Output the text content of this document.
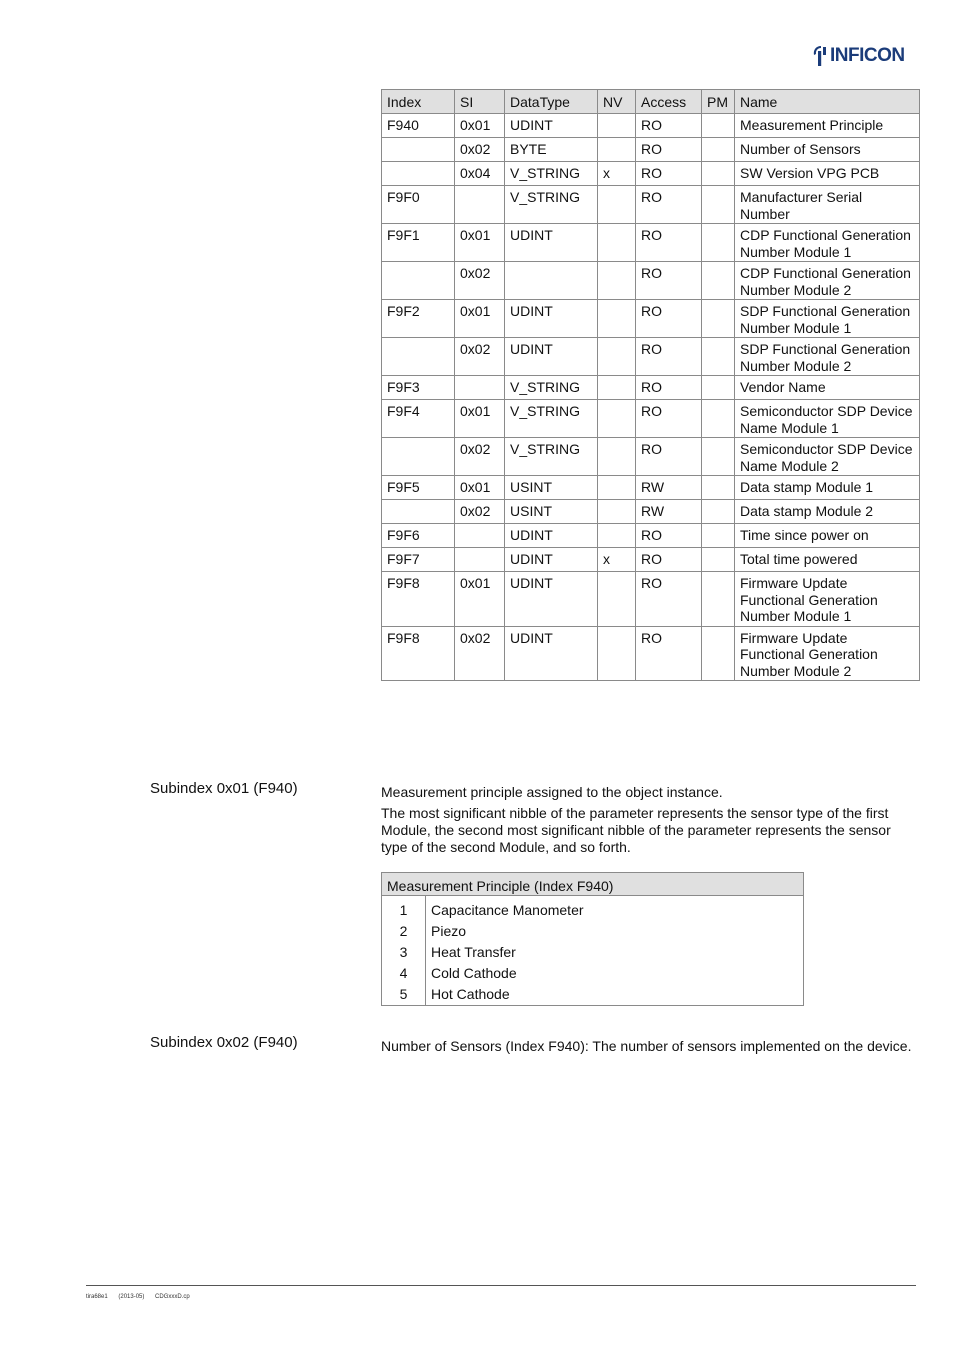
INFICON
Index	SI	DataType	NV	Access	PM	Name
F940	0x01	UDINT		RO		Measurement Principle
	0x02	BYTE		RO		Number of Sensors
	0x04	V_STRING	x	RO		SW Version VPG PCB
F9F0		V_STRING		RO		Manufacturer Serial Number
F9F1	0x01	UDINT		RO		CDP Functional Generation Number Module 1
	0x02			RO		CDP Functional Generation Number Module 2
F9F2	0x01	UDINT		RO		SDP Functional Generation Number Module 1
	0x02	UDINT		RO		SDP Functional Generation Number Module 2
F9F3		V_STRING		RO		Vendor Name
F9F4	0x01	V_STRING		RO		Semiconductor SDP Device Name Module 1
	0x02	V_STRING		RO		Semiconductor SDP Device Name Module 2
F9F5	0x01	USINT		RW		Data stamp Module 1
	0x02	USINT		RW		Data stamp Module 2
F9F6		UDINT		RO		Time since power on
F9F7		UDINT	x	RO		Total time powered
F9F8	0x01	UDINT		RO		Firmware Update Functional Generation Number Module 1
F9F8	0x02	UDINT		RO		Firmware Update Functional Generation Number Module 2
Subindex 0x01 (F940)	Measurement principle assigned to the object instance.

The most significant nibble of the parameter represents the sensor type of the first Module, the second most significant nibble of the parameter represents the sensor type of the second Module, and so forth.

Measurement Principle (Index F940)	
1	Capacitance Manometer
2	Piezo
3	Heat Transfer
4	Cold Cathode
5	Hot Cathode
Subindex 0x02 (F940)	Number of Sensors (Index F940): The number of sensors implemented on the device.

tira68e1 (2013-05) CDGxxxD.cp
